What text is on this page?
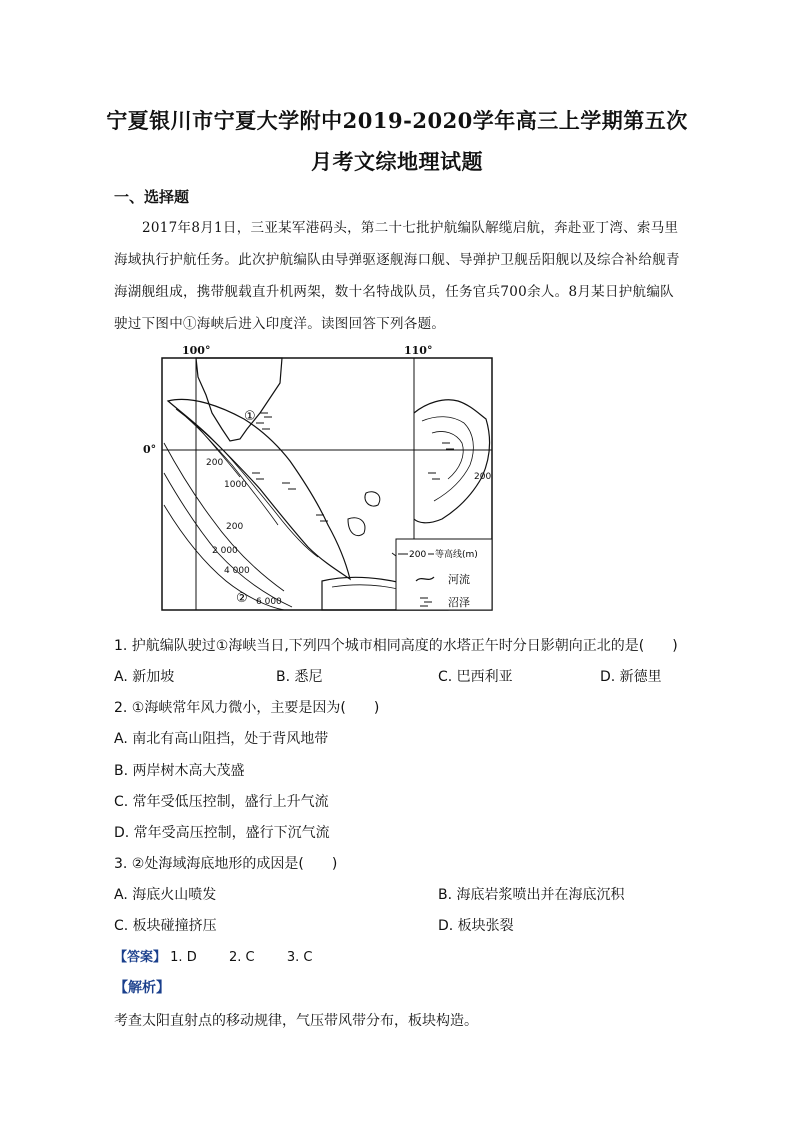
宁夏银川市宁夏大学附中2019-2020学年高三上学期第五次
月考文综地理试题
一、选择题
2017年8月1日，三亚某军港码头，第二十七批护航编队解缆启航，奔赴亚丁湾、索马里海域执行护航任务。此次护航编队由导弹驱逐舰海口舰、导弹护卫舰岳阳舰以及综合补给舰青海湖舰组成，携带舰载直升机两架，数十名特战队员，任务官兵700余人。8月某日护航编队驶过下图中①海峡后进入印度洋。读图回答下列各题。
100°	110°
0°
①
②
200
1000
200
2 000
4 000
6 000
200
200 等高线(m)
河流
沼泽
1. 护航编队驶过①海峡当日,下列四个城市相同高度的水塔正午时分日影朝向正北的是(　　)
A. 新加坡	B. 悉尼	C. 巴西利亚	D. 新德里
2. ①海峡常年风力微小，主要是因为(　　)
A. 南北有高山阻挡，处于背风地带
B. 两岸树木高大茂盛
C. 常年受低压控制，盛行上升气流
D. 常年受高压控制，盛行下沉气流
3. ②处海域海底地形的成因是(　　)
A. 海底火山喷发	B. 海底岩浆喷出并在海底沉积
C. 板块碰撞挤压	D. 板块张裂
【答案】 1. D 2. C 3. C
【解析】
考查太阳直射点的移动规律，气压带风带分布，板块构造。
